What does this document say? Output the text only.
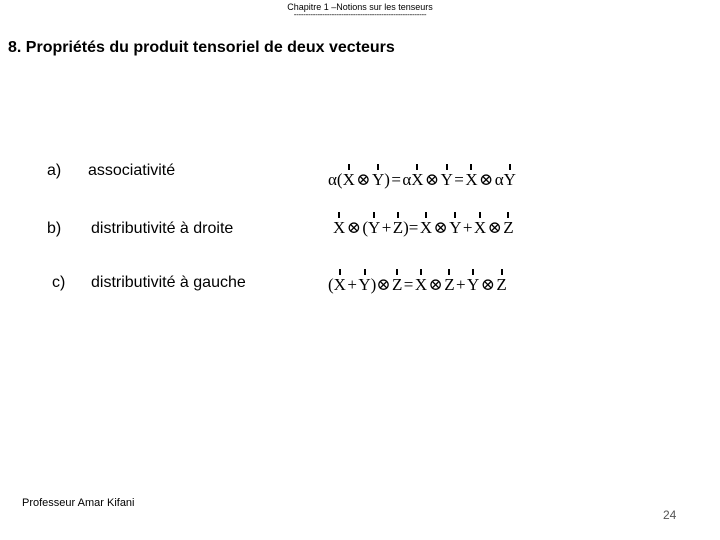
Chapitre 1 –Notions sur les tenseurs
--------------------------------------------------------
8. Propriétés du produit tensoriel de deux vecteurs
a) associativité	α(X ⊗ Y) = αX ⊗ Y = X ⊗ αY
b) distributivité à droite	X ⊗ (Y + Z)= X ⊗ Y + X ⊗ Z
c) distributivité à gauche	(X + Y)⊗ Z = X ⊗ Z + Y ⊗ Z
Professeur Amar Kifani
24
